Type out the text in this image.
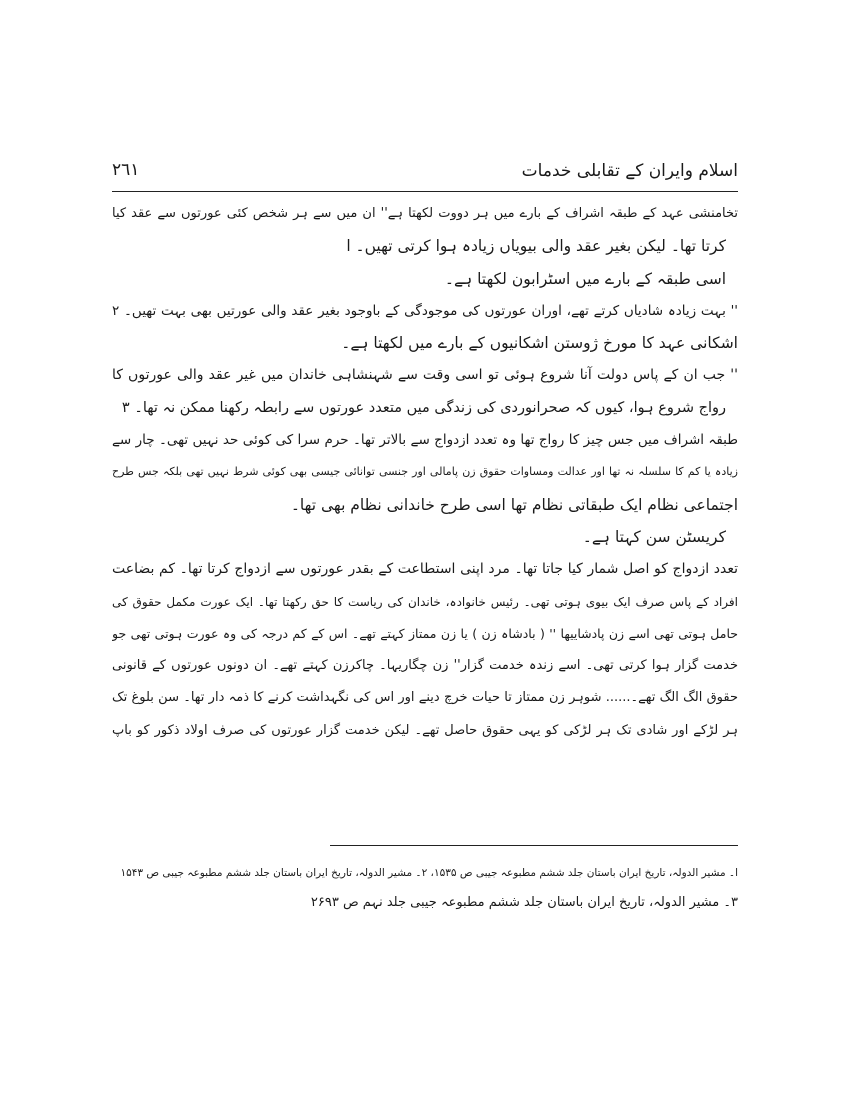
اسلام وایران کے تقابلی خدمات
٢٦١
تخامنشی عہد کے طبقہ اشراف کے بارے میں ہر دووت لکھتا ہے'' ان میں سے ہر شخص کئی عورتوں سے عقد کیا
کرتا تھا۔ لیکن بغیر عقد والی بیویاں زیادہ ہوا کرتی تھیں۔ ا
اسی طبقہ کے بارے میں اسٹرابون لکھتا ہے۔
'' بہت زیادہ شادیاں کرتے تھے، اوران عورتوں کی موجودگی کے باوجود بغیر عقد والی عورتیں بھی بہت تھیں۔ ۲
اشکانی عہد کا مورخ ژوستن اشکانیوں کے بارے میں لکھتا ہے۔
'' جب ان کے پاس دولت آنا شروع ہوئی تو اسی وقت سے شہنشاہی خاندان میں غیر عقد والی عورتوں کا
رواج شروع ہوا، کیوں کہ صحرانوردی کی زندگی میں متعدد عورتوں سے رابطہ رکھنا ممکن نہ تھا۔ ۳
طبقہ اشراف میں جس چیز کا رواج تھا وہ تعدد ازدواج سے بالاتر تھا۔ حرم سرا کی کوئی حد نہیں تھی۔ چار سے
زیادہ یا کم کا سلسلہ نہ تھا اور عدالت ومساوات حقوق زن پامالی اور جنسی توانائی جیسی بھی کوئی شرط نہیں تھی بلکہ جس طرح
اجتماعی نظام ایک طبقاتی نظام تھا اسی طرح خاندانی نظام بھی تھا۔
کریسٹن سن کہتا ہے۔
تعدد ازدواج کو اصل شمار کیا جاتا تھا۔ مرد اپنی استطاعت کے بقدر عورتوں سے ازدواج کرتا تھا۔ کم بضاعت
افراد کے پاس صرف ایک بیوی ہوتی تھی۔ رئیس خانوادہ، خاندان کی ریاست کا حق رکھتا تھا۔ ایک عورت مکمل حقوق کی
حامل ہوتی تھی اسے زن پادشاییھا '' ( بادشاہ زن ) یا زن ممتاز کہتے تھے۔ اس کے کم درجہ کی وہ عورت ہوتی تھی جو
خدمت گزار ہوا کرتی تھی۔ اسے زندہ خدمت گزار'' زن چگاریہا۔ چاکرزن کہتے تھے۔ ان دونوں عورتوں کے قانونی
حقوق الگ الگ تھے۔...... شوہر زن ممتاز تا حیات خرچ دینے اور اس کی نگہداشت کرنے کا ذمہ دار تھا۔ سن بلوغ تک
ہر لڑکے اور شادی تک ہر لڑکی کو یہی حقوق حاصل تھے۔ لیکن خدمت گزار عورتوں کی صرف اولاد ذکور کو باپ
ا۔ مشیر الدولہ، تاریخ ایران باستان جلد ششم مطبوعہ جیبی ص ۱۵۳۵، ۲۔ مشیر الدولہ، تاریخ ایران باستان جلد ششم مطبوعہ جیبی ص ۱۵۴۳
۳۔ مشیر الدولہ، تاریخ ایران باستان جلد ششم مطبوعہ جیبی جلد نہم ص ۲۶۹۳
